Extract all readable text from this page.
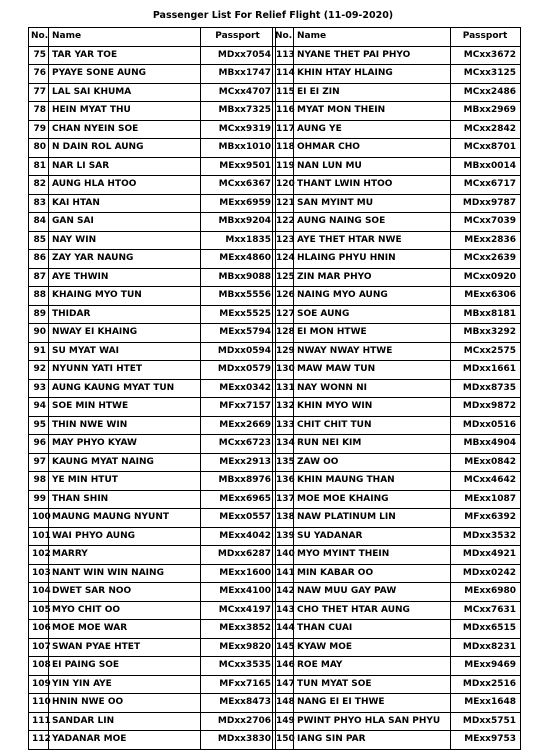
Passenger List For Relief Flight (11-09-2020)
No.	Name	Passport
75	TAR YAR TOE	MDxx7054
76	PYAYE SONE AUNG	MBxx1747
77	LAL SAI KHUMA	MCxx4707
78	HEIN MYAT THU	MBxx7325
79	CHAN NYEIN SOE	MCxx9319
80	N DAIN ROL AUNG	MBxx1010
81	NAR LI SAR	MExx9501
82	AUNG HLA HTOO	MCxx6367
83	KAI HTAN	MExx6959
84	GAN SAI	MBxx9204
85	NAY WIN	Mxx1835
86	ZAY YAR NAUNG	MExx4860
87	AYE THWIN	MBxx9088
88	KHAING MYO TUN	MBxx5556
89	THIDAR	MExx5525
90	NWAY EI KHAING	MExx5794
91	SU MYAT WAI	MDxx0594
92	NYUNN YATI HTET	MDxx0579
93	AUNG KAUNG MYAT TUN	MExx0342
94	SOE MIN HTWE	MFxx7157
95	THIN NWE WIN	MExx2669
96	MAY PHYO KYAW	MCxx6723
97	KAUNG MYAT NAING	MExx2913
98	YE MIN HTUT	MBxx8976
99	THAN SHIN	MExx6965
100	MAUNG MAUNG NYUNT	MExx0557
101	WAI PHYO AUNG	MExx4042
102	MARRY	MDxx6287
103	NANT WIN WIN NAING	MExx1600
104	DWET SAR NOO	MExx4100
105	MYO CHIT OO	MCxx4197
106	MOE MOE WAR	MExx3852
107	SWAN PYAE HTET	MExx9820
108	EI PAING SOE	MCxx3535
109	YIN YIN AYE	MFxx7165
110	HNIN NWE OO	MExx8473
111	SANDAR LIN	MDxx2706
112	YADANAR MOE	MDxx3830
No.	Name	Passport
113	NYANE THET PAI PHYO	MCxx3672
114	KHIN HTAY HLAING	MCxx3125
115	EI EI ZIN	MCxx2486
116	MYAT MON THEIN	MBxx2969
117	AUNG YE	MCxx2842
118	OHMAR CHO	MCxx8701
119	NAN LUN MU	MBxx0014
120	THANT LWIN HTOO	MCxx6717
121	SAN MYINT MU	MDxx9787
122	AUNG NAING SOE	MCxx7039
123	AYE THET HTAR NWE	MExx2836
124	HLAING PHYU HNIN	MCxx2639
125	ZIN MAR PHYO	MCxx0920
126	NAING MYO AUNG	MExx6306
127	SOE AUNG	MBxx8181
128	EI MON HTWE	MBxx3292
129	NWAY NWAY HTWE	MCxx2575
130	MAW MAW TUN	MDxx1661
131	NAY WONN NI	MDxx8735
132	KHIN MYO WIN	MDxx9872
133	CHIT CHIT TUN	MDxx0516
134	RUN NEI KIM	MBxx4904
135	ZAW OO	MExx0842
136	KHIN MAUNG THAN	MCxx4642
137	MOE MOE KHAING	MExx1087
138	NAW PLATINUM LIN	MFxx6392
139	SU YADANAR	MDxx3532
140	MYO MYINT THEIN	MDxx4921
141	MIN KABAR OO	MDxx0242
142	NAW MUU GAY PAW	MExx6980
143	CHO THET HTAR AUNG	MCxx7631
144	THAN CUAI	MDxx6515
145	KYAW MOE	MDxx8231
146	ROE MAY	MExx9469
147	TUN MYAT SOE	MDxx2516
148	NANG EI EI THWE	MExx1648
149	PWINT PHYO HLA SAN PHYU	MDxx5751
150	IANG SIN PAR	MExx9753
